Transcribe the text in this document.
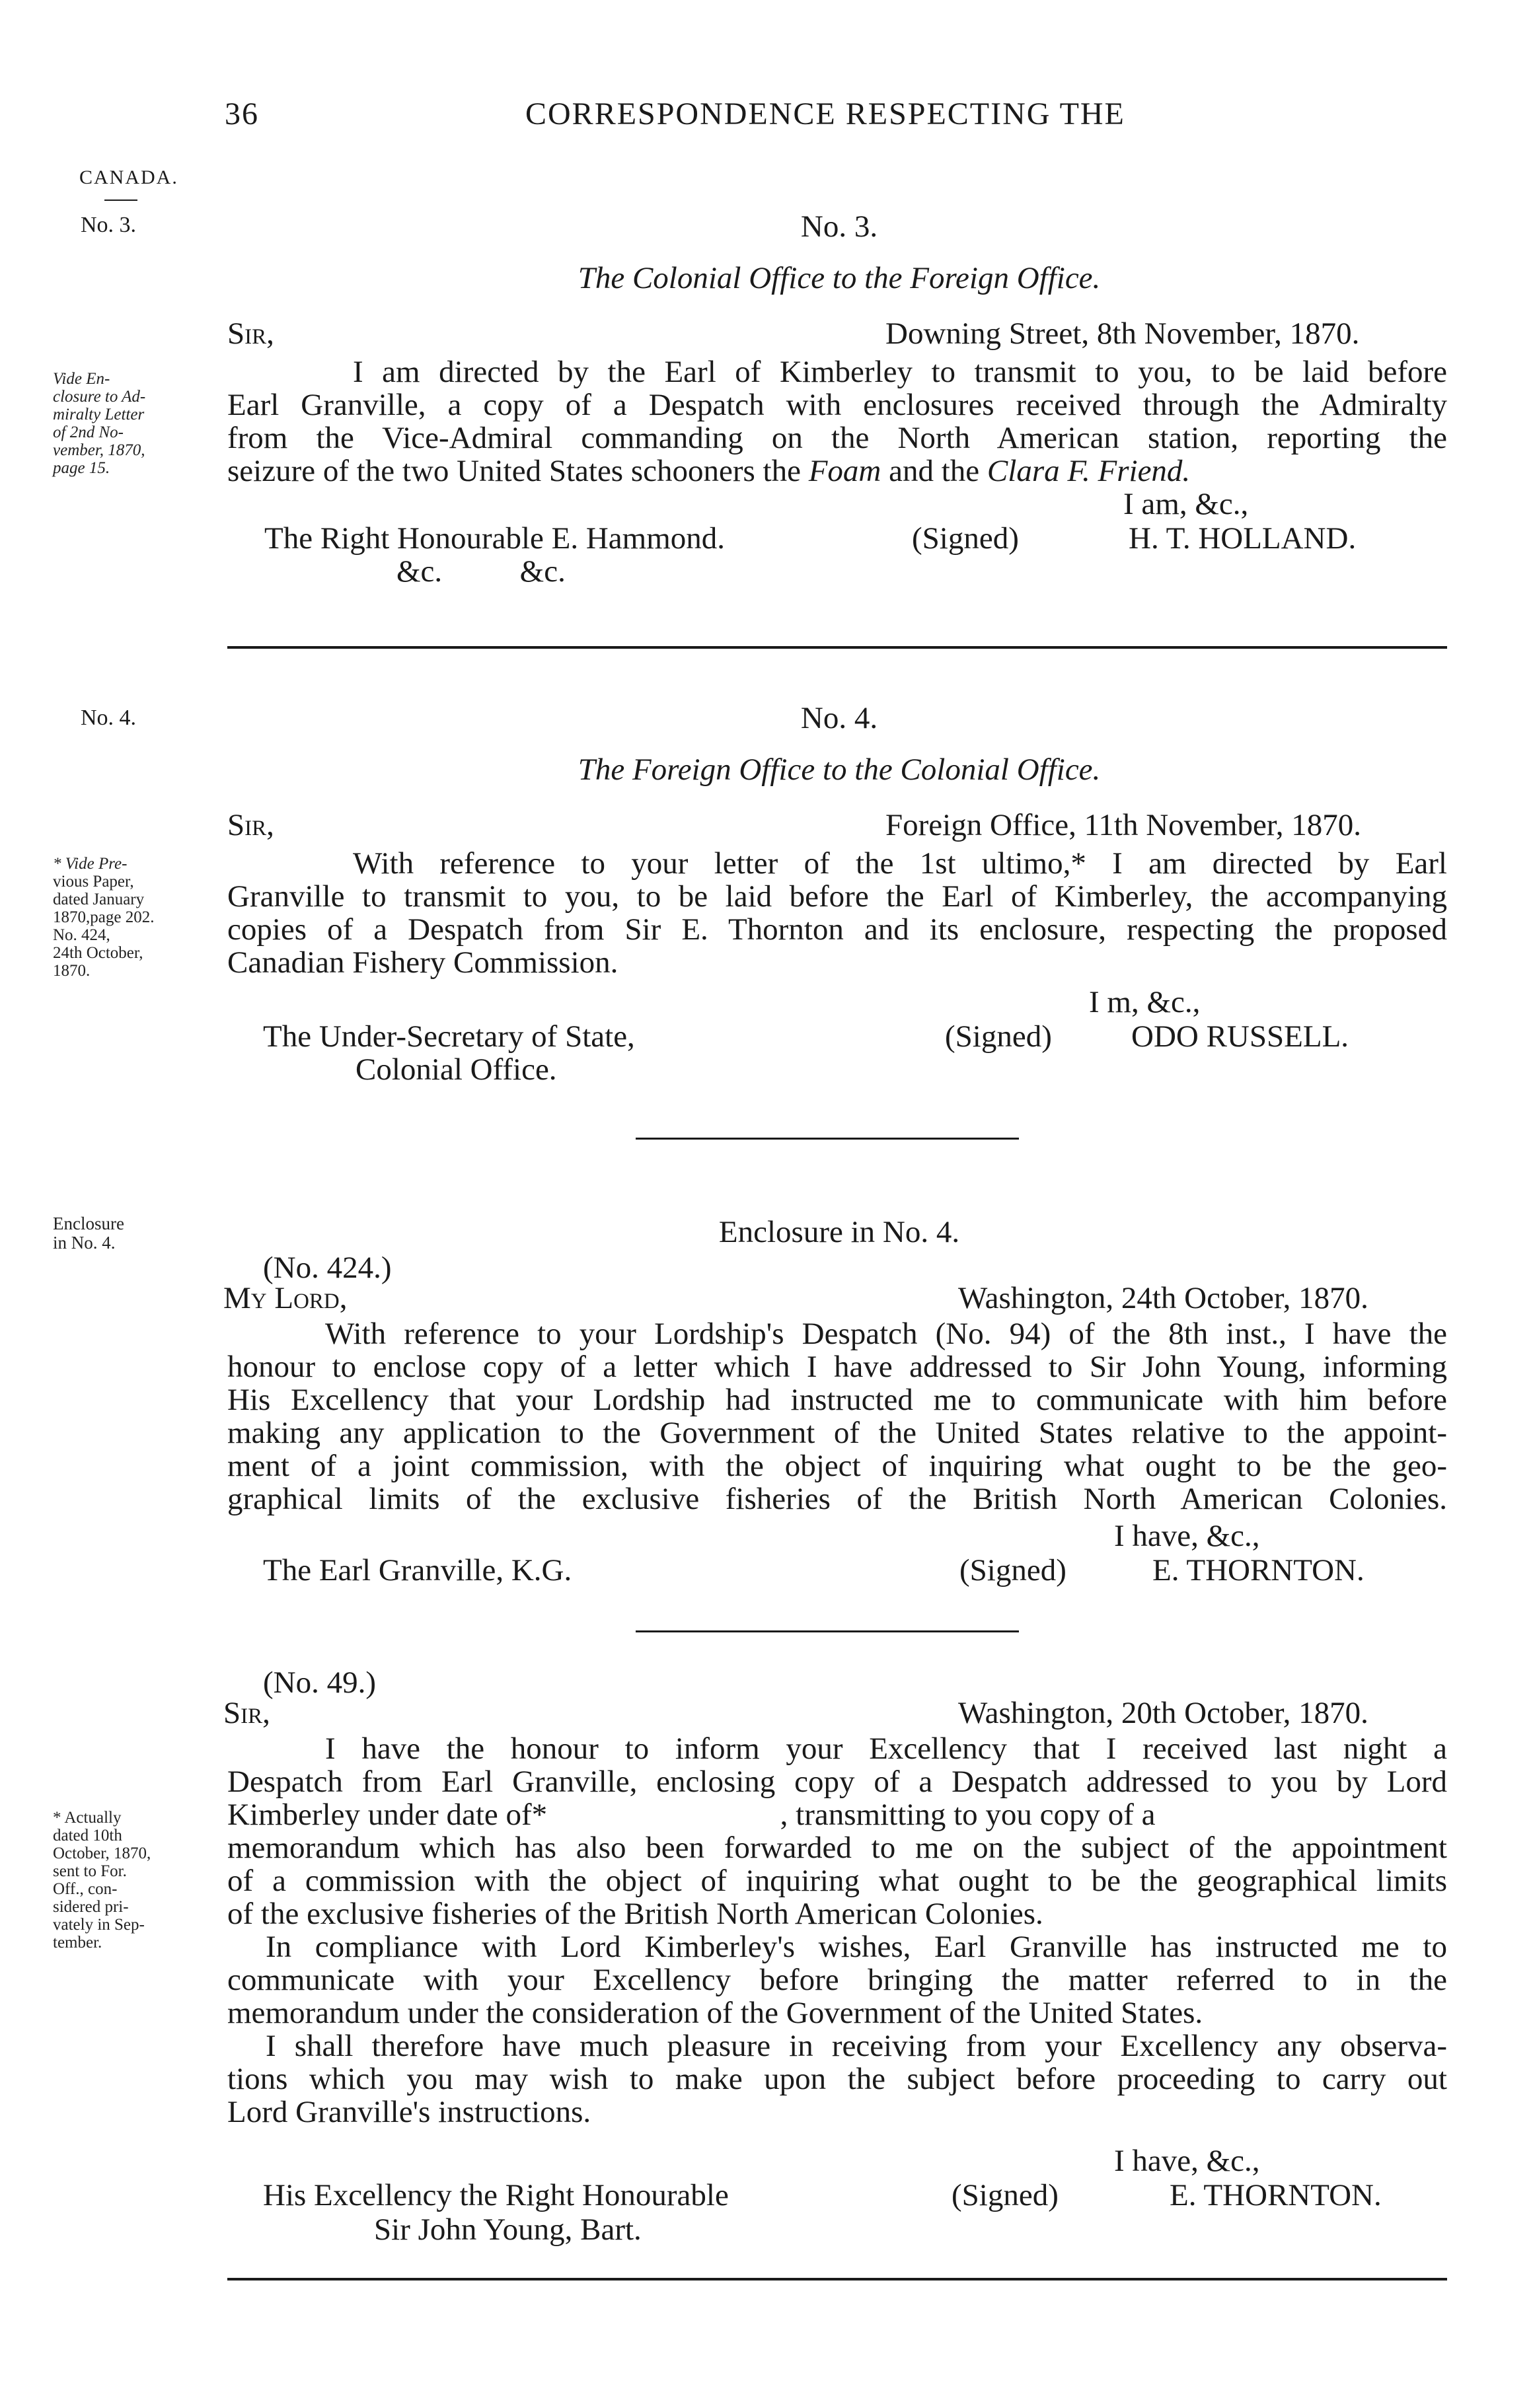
36	CORRESPONDENCE RESPECTING THE
CANADA.
No. 3.
Vide En-
closure to Ad-
miralty Letter
of 2nd No-
vember, 1870,
page 15.
No. 3.
The Colonial Office to the Foreign Office.
Sir,	Downing Street, 8th November, 1870.
I am directed by the Earl of Kimberley to transmit to you, to be laid before
Earl Granville, a copy of a Despatch with enclosures received through the Admiralty
from the Vice-Admiral commanding on the North American station, reporting the
seizure of the two United States schooners the Foam and the Clara F. Friend.
I am, &c.,
The Right Honourable E. Hammond.	(Signed)	H. T. HOLLAND.
&c.          &c.
No. 4.	No. 4.
The Foreign Office to the Colonial Office.
Sir,	Foreign Office, 11th November, 1870.
* Vide Pre-
vious Paper,
dated January
1870,page 202.
No. 424,
24th October,
1870.
With reference to your letter of the 1st ultimo,* I am directed by Earl
Granville to transmit to you, to be laid before the Earl of Kimberley, the accompanying
copies of a Despatch from Sir E. Thornton and its enclosure, respecting the proposed
Canadian Fishery Commission.
I m, &c.,
The Under-Secretary of State,	(Signed)	ODO RUSSELL.
Colonial Office.
Enclosure
in No. 4.	Enclosure in No. 4.
(No. 424.)
My Lord,	Washington, 24th October, 1870.
With reference to your Lordship's Despatch (No. 94) of the 8th inst., I have the
honour to enclose copy of a letter which I have addressed to Sir John Young, informing
His Excellency that your Lordship had instructed me to communicate with him before
making any application to the Government of the United States relative to the appoint-
ment of a joint commission, with the object of inquiring what ought to be the geo-
graphical limits of the exclusive fisheries of the British North American Colonies.
I have, &c.,
The Earl Granville, K.G.	(Signed)	E. THORNTON.
(No. 49.)
Sir,	Washington, 20th October, 1870.
* Actually
dated 10th
October, 1870,
sent to For.
Off., con-
sidered pri-
vately in Sep-
tember.
I have the honour to inform your Excellency that I received last night a
Despatch from Earl Granville, enclosing copy of a Despatch addressed to you by Lord
Kimberley under date of*                              , transmitting to you copy of a
memorandum which has also been forwarded to me on the subject of the appointment
of a commission with the object of inquiring what ought to be the geographical limits
of the exclusive fisheries of the British North American Colonies.
In compliance with Lord Kimberley's wishes, Earl Granville has instructed me to
communicate with your Excellency before bringing the matter referred to in the
memorandum under the consideration of the Government of the United States.
I shall therefore have much pleasure in receiving from your Excellency any observa-
tions which you may wish to make upon the subject before proceeding to carry out
Lord Granville's instructions.
I have, &c.,
His Excellency the Right Honourable	(Signed)	E. THORNTON.
Sir John Young, Bart.
